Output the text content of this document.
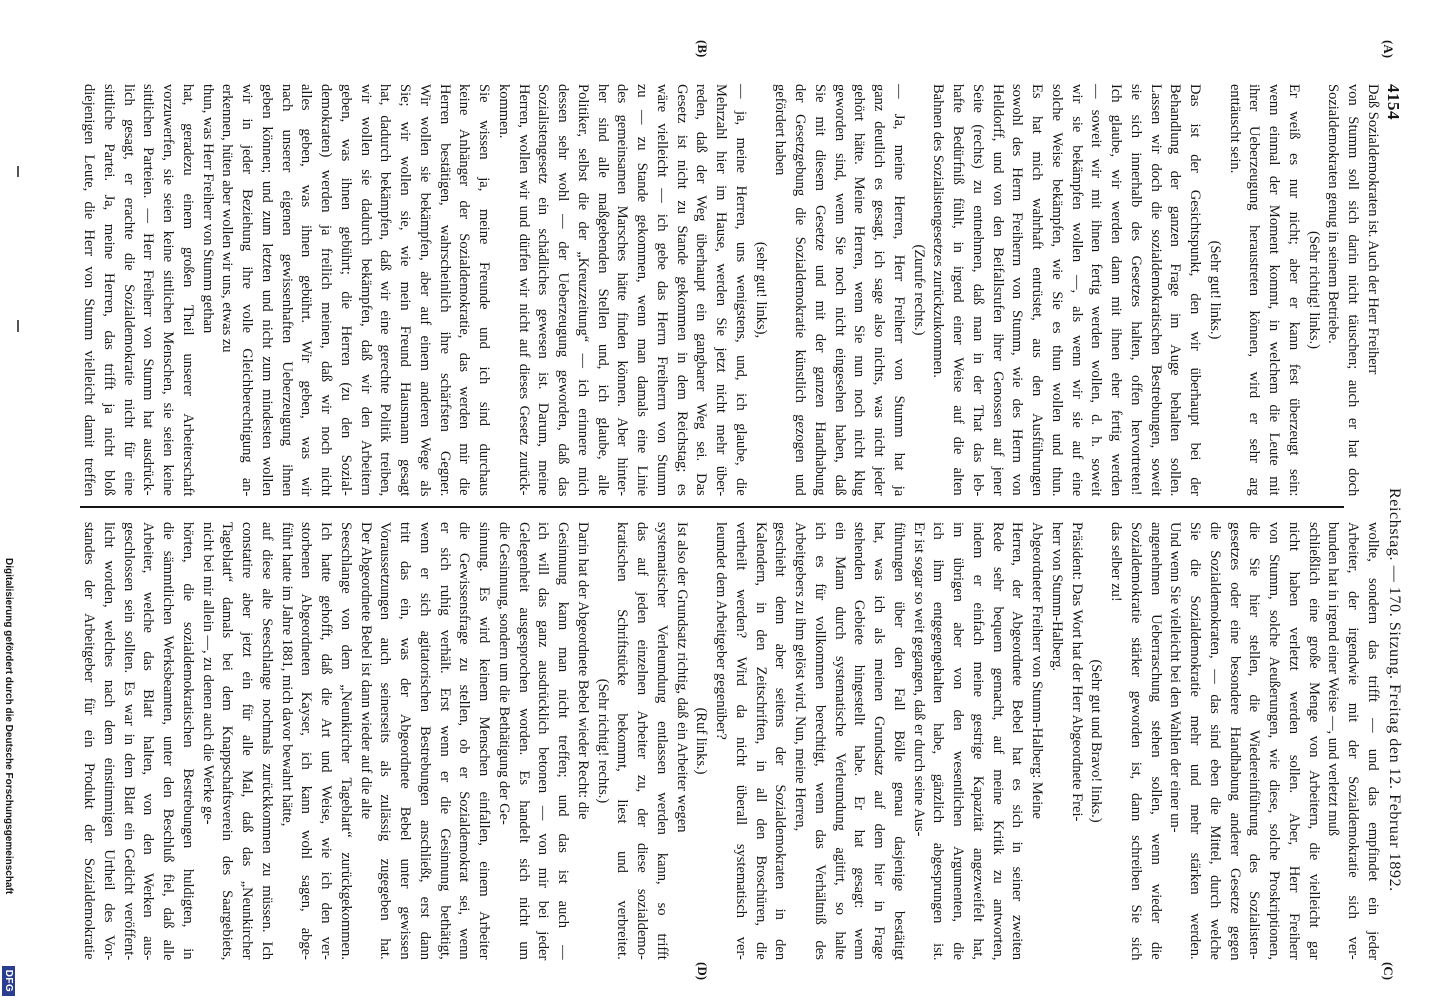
4154
Reichstag. — 170. Sitzung. Freitag den 12. Februar 1892.
(A)
(B)
(C)
(D)
Daß Sozialdemokraten ist. Auch der Herr Freiherr
von Stumm soll sich darin nicht täuschen; auch er hat doch
Sozialdemokraten genug in seinem Betriebe.
(Sehr richtig! links.)
Er weiß es nur nicht; aber er kann fest überzeugt sein:
wenn einmal der Moment kommt, in welchem die Leute mit
ihrer Ueberzeugung heraustreten können, wird er sehr arg
enttäuscht sein.
(Sehr gut! links.)
Das ist der Gesichtspunkt, den wir überhaupt bei der
Behandlung der ganzen Frage im Auge behalten sollen.
Lassen wir doch die sozialdemokratischen Bestrebungen, soweit
sie sich innerhalb des Gesetzes halten, offen hervortreten!
Ich glaube, wir werden dann mit ihnen eher fertig werden
— soweit wir mit ihnen fertig werden wollen, d. h. soweit
wir sie bekämpfen wollen —, als wenn wir sie auf eine
solche Weise bekämpfen, wie Sie es thun wollen und thun.
Es hat mich wahrhaft entrüstet, aus den Ausführungen
sowohl des Herrn Freiherrn von Stumm, wie des Herrn von
Helldorff, und von den Beifallsrufen ihrer Genossen auf jener
Seite (rechts) zu entnehmen, daß man in der That das leb-
hafte Bedürfniß fühlt, in irgend einer Weise auf die alten
Bahnen des Sozialistengesetzes zurückzukommen.
(Zurufe rechts.)
— Ja, meine Herren, Herr Freiherr von Stumm hat ja
ganz deutlich es gesagt, ich sage also nichts, was nicht jeder
gehört hätte. Meine Herren, wenn Sie nun noch nicht klug
geworden sind, wenn Sie noch nicht eingesehen haben, daß
Sie mit diesem Gesetze und mit der ganzen Handhabung
der Gesetzgebung die Sozialdemokratie künstlich gezogen und
gefördert haben
(sehr gut! links),
— ja, meine Herren, uns wenigstens, und, ich glaube, die
Mehrzahl hier im Hause, werden Sie jetzt nicht mehr über-
reden, daß der Weg überhaupt ein gangbarer Weg sei. Das
Gesetz ist nicht zu Stande gekommen in dem Reichstag; es
wäre vielleicht — ich gebe das Herrn Freiherrn von Stumm
zu — zu Stande gekommen, wenn man damals eine Linie
des gemeinsamen Marsches hätte finden können. Aber hinter-
her sind alle maßgebenden Stellen und, ich glaube, alle
Politiker, selbst die der „Kreuzzeitung“ — ich erinnere mich
dessen sehr wohl — der Ueberzeugung geworden, daß das
Sozialistengesetz ein schädliches gewesen ist. Darum, meine
Herren, wollen wir und dürfen wir nicht auf dieses Gesetz zurück-
kommen.
Sie wissen ja, meine Freunde und ich sind durchaus
keine Anhänger der Sozialdemokratie, das werden mir die
Herren bestätigen, wahrscheinlich ihre schärfsten Gegner.
Wir wollen sie bekämpfen, aber auf einem anderen Wege als
Sie; wir wollen sie, wie mein Freund Hausmann gesagt
hat, dadurch bekämpfen, daß wir eine gerechte Politik treiben,
wir wollen sie dadurch bekämpfen, daß wir den Arbeitern
geben, was ihnen gebührt; die Herren (zu den Sozial-
demokraten) werden ja freilich meinen, daß wir noch nicht
alles geben, was ihnen gebührt. Wir geben, was wir
nach unserer eigenen gewissenhaften Ueberzeugung ihnen
geben können; und zum letzten und nicht zum mindesten wollen
wir in jeder Beziehung ihre volle Gleichberechtigung an-
erkennen, hüten aber wollen wir uns, etwas zu
thun, was Herr Freiherr von Stumm gethan
hat, geradezu einem großen Theil unserer Arbeiterschaft
vorzuwerfen, sie seien keine sittlichen Menschen, sie seien keine
sittlichen Parteien. — Herr Freiherr von Stumm hat ausdrück-
lich gesagt, er erachte die Sozialdemokratie nicht für eine
sittliche Partei. Ja, meine Herren, das trifft ja nicht bloß
diejenigen Leute, die Herr von Stumm vielleicht damit treffen
wollte, sondern das trifft — und das empfindet ein jeder
Arbeiter, der irgendwie mit der Sozialdemokratie sich ver-
bunden hat in irgend einer Weise —, und verletzt muß
schließlich eine große Menge von Arbeitern, die vielleicht gar
nicht haben verletzt werden sollen. Aber, Herr Freiherr
von Stumm, solche Aeußerungen, wie diese, solche Proskriptionen,
die Sie hier stellen, die Wiedereinführung des Sozialisten-
gesetzes oder eine besondere Handhabung anderer Gesetze gegen
die Sozialdemokraten, — das sind eben die Mittel, durch welche
Sie die Sozialdemokratie mehr und mehr stärken werden.
Und wenn Sie vielleicht bei den Wahlen der einer un-
angenehmen Ueberraschung stehen sollen, wenn wieder die
Sozialdemokratie stärker geworden ist, dann schreiben Sie sich
das selber zu!
(Sehr gut und Bravo! links.)
Präsident: Das Wort hat der Herr Abgeordnete Frei-
herr von Stumm-Halberg.
Abgeordneter Freiherr von Stumm-Halberg: Meine
Herren, der Abgeordnete Bebel hat es sich in seiner zweiten
Rede sehr bequem gemacht, auf meine Kritik zu antworten,
indem er einfach meine gestrige Kapazität angezweifelt hat,
im übrigen aber von den wesentlichen Argumenten, die
ich ihm entgegengehalten habe, gänzlich abgesprungen ist.
Er ist sogar so weit gegangen, daß er durch seine Aus-
führungen über den Fall Bölle genau dasjenige bestätigt
hat, was ich als meinen Grundsatz auf dem hier in Frage
stehenden Gebiete hingestellt habe. Er hat gesagt: wenn
ein Mann durch systematische Verleumdung agitirt, so halte
ich es für vollkommen berechtigt, wenn das Verhältniß des
Arbeitgebers zu ihm gelöst wird. Nun, meine Herren,
geschieht denn aber seitens der Sozialdemokraten in den
Kalendern, in den Zeitschriften, in all den Broschüren, die
vertheilt werden? Wird da nicht überall systematisch ver-
leumdet dem Arbeitgeber gegenüber?
(Ruf links.)
Ist also der Grundsatz richtig, daß ein Arbeiter wegen
systematischer Verleumdung entlassen werden kann, so trifft
das auf jeden einzelnen Arbeiter zu, der diese sozialdemo-
kratischen Schriftstücke bekommt, liest und verbreitet.
(Sehr richtig! rechts.)
Darin hat der Abgeordnete Bebel wieder Recht: die
Gesinnung kann man nicht treffen; und das ist auch —
ich will das ganz ausdrücklich betonen — von mir bei jeder
Gelegenheit ausgesprochen worden. Es handelt sich nicht um
die Gesinnung, sondern um die Bethätigung der Ge-
sinnung. Es wird keinem Menschen einfallen, einem Arbeiter
die Gewissensfrage zu stellen, ob er Sozialdemokrat sei, wenn
er sich ruhig verhält. Erst wenn er die Gesinnung bethätigt,
wenn er sich agitatorischen Bestrebungen anschließt, erst dann
tritt das ein, was der Abgeordnete Bebel unter gewissen
Voraussetzungen auch seinerseits als zulässig zugegeben hat.
Der Abgeordnete Bebel ist dann wieder auf die alte
Seeschlange von dem „Neunkircher Tageblatt“ zurückgekommen.
Ich hatte gehofft, daß die Art und Weise, wie ich den ver-
storbenen Abgeordneten Kayser, ich kann wohl sagen, abge-
führt hatte im Jahre 1881, mich davor bewahrt hätte,
auf diese alte Seeschlange nochmals zurückkommen zu müssen. Ich
constatire aber jetzt ein für alle Mal, daß das „Neunkircher
Tageblatt“ damals bei dem Knappschaftsverein des Saargebiets,
nicht bei mir allein —, zu denen auch die Werke ge-
hörten, die sozialdemokratischen Bestrebungen huldigten, in
die sämmtlichen Werksbeamten, unter den Beschluß fiel, daß alle
Arbeiter, welche das Blatt halten, von den Werken aus-
geschlossen sein sollten. Es war in dem Blatt ein Gedicht veröffent-
licht worden, welches nach dem einstimmigen Urtheil des Vor-
standes der Arbeitgeber für ein Produkt der Sozialdemokratie
Digitalisierung gefördert durch die Deutsche Forschungsgemeinschaft
DFG
